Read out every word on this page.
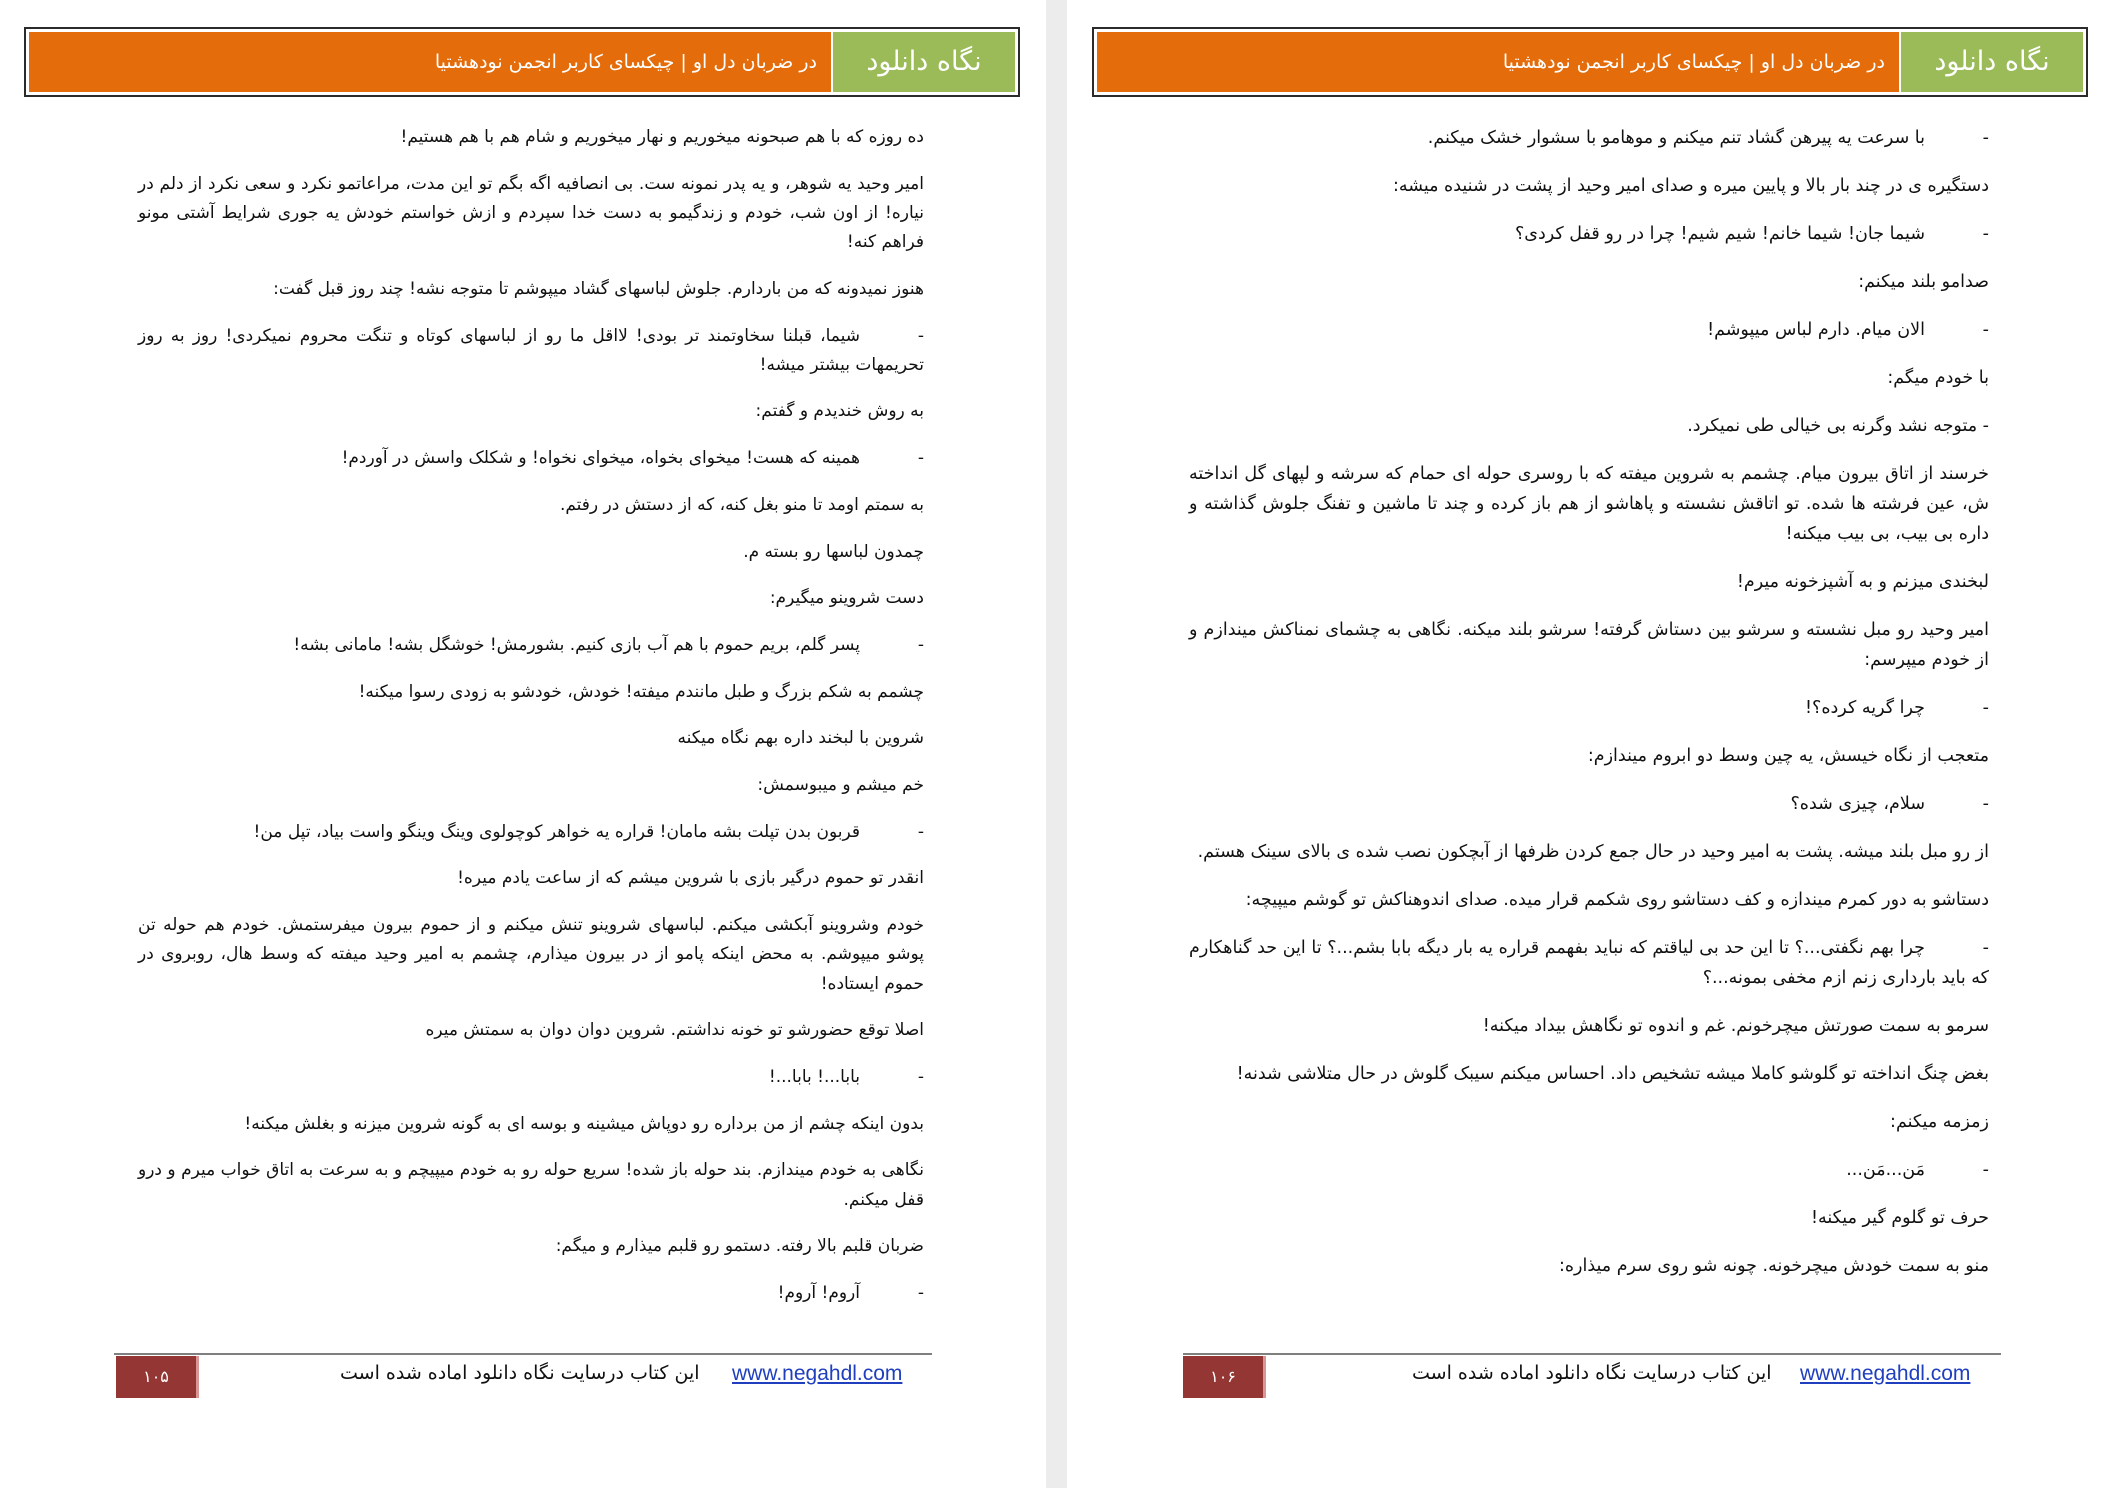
در ضربان دل او | چیکسای کاربر انجمن نودهشتیا	نگاه دانلود

ده روزه که با هم صبحونه میخوریم و نهار میخوریم و شام هم با هم هستیم!

امیر وحید یه شوهر، و یه پدر نمونه ست. بی انصافیه اگه بگم تو این مدت، مراعاتمو نکرد و سعی نکرد از دلم در نیاره! از اون شب، خودم و زندگیمو به دست خدا سپردم و ازش خواستم خودش یه جوری شرایط آشتی مونو فراهم کنه!

هنوز نمیدونه که من باردارم. جلوش لباسهای گشاد میپوشم تا متوجه نشه! چند روز قبل گفت:

-شیما، قبلنا سخاوتمند تر بودی! لااقل ما رو از لباسهای کوتاه و تنگت محروم نمیکردی! روز به روز تحریمهات بیشتر میشه!

به روش خندیدم و گفتم:

-همینه که هست! میخوای بخواه، میخوای نخواه! و شکلک واسش در آوردم!

به سمتم اومد تا منو بغل کنه، که از دستش در رفتم.

چمدون لباسها رو بسته م.

دست شروینو میگیرم:

-پسر گلم، بریم حموم با هم آب بازی کنیم. بشورمش! خوشگل بشه! مامانی بشه!

چشمم به شکم بزرگ و طبل مانندم میفته! خودش، خودشو به زودی رسوا میکنه!

شروین با لبخند داره بهم نگاه میکنه

خم میشم و میبوسمش:

-قربون بدن تپلت بشه مامان! قراره یه خواهر کوچولوی وینگ وینگو واست بیاد، تپل من!

انقدر تو حموم درگیر بازی با شروین میشم که از ساعت یادم میره!

خودم وشروینو آبکشی میکنم. لباسهای شروینو تنش میکنم و از حموم بیرون میفرستمش. خودم هم حوله تن پوشو میپوشم. به محض اینکه پامو از در بیرون میذارم، چشمم به امیر وحید میفته که وسط هال، روبروی در حموم ایستاده!

اصلا توقع حضورشو تو خونه نداشتم. شروین دوان دوان به سمتش میره

-بابا...! بابا...!

بدون اینکه چشم از من برداره رو دوپاش میشینه و بوسه ای به گونه شروین میزنه و بغلش میکنه!

نگاهی به خودم میندازم. بند حوله باز شده! سریع حوله رو به خودم میپیچم و به سرعت به اتاق خواب میرم و درو قفل میکنم.

ضربان قلبم بالا رفته. دستمو رو قلبم میذارم و میگم:

-آروم! آروم!

۱۰۵	این کتاب درسایت نگاه دانلود اماده شده است www.negahdl.com
در ضربان دل او | چیکسای کاربر انجمن نودهشتیا	نگاه دانلود

-با سرعت یه پیرهن گشاد تنم میکنم و موهامو با سشوار خشک میکنم.

دستگیره ی در چند بار بالا و پایین میره و صدای امیر وحید از پشت در شنیده میشه:

-شیما جان! شیما خانم! شیم شیم! چرا در رو قفل کردی؟

صدامو بلند میکنم:

-الان میام. دارم لباس میپوشم!

با خودم میگم:

- متوجه نشد وگرنه بی خیالی طی نمیکرد.

خرسند از اتاق بیرون میام. چشمم به شروین میفته که با روسری حوله ای حمام که سرشه و لپهای گل انداخته ش، عین فرشته ها شده. تو اتاقش نشسته و پاهاشو از هم باز کرده و چند تا ماشین و تفنگ جلوش گذاشته و داره بی بیب، بی بیب میکنه!

لبخندی میزنم و به آشپزخونه میرم!

امیر وحید رو مبل نشسته و سرشو بین دستاش گرفته! سرشو بلند میکنه. نگاهی به چشمای نمناکش میندازم و از خودم میپرسم:

-چرا گریه کرده؟!

متعجب از نگاه خیسش، یه چین وسط دو ابروم میندازم:

-سلام، چیزی شده؟

از رو مبل بلند میشه. پشت به امیر وحید در حال جمع کردن ظرفها از آبچکون نصب شده ی بالای سینک هستم.

دستاشو به دور کمرم میندازه و کف دستاشو روی شکمم قرار میده. صدای اندوهناکش تو گوشم میپیچه:

-چرا بهم نگفتی...؟ تا این حد بی لیاقتم که نباید بفهمم قراره یه بار دیگه بابا بشم...؟ تا این حد گناهکارم که باید بارداری زنم ازم مخفی بمونه...؟

سرمو به سمت صورتش میچرخونم. غم و اندوه تو نگاهش بیداد میکنه!

بغض چنگ انداخته تو گلوشو کاملا میشه تشخیص داد. احساس میکنم سیبک گلوش در حال متلاشی شدنه!

زمزمه میکنم:

-مَن...مَن...

حرف تو گلوم گیر میکنه!

منو به سمت خودش میچرخونه. چونه شو روی سرم میذاره:

۱۰۶	این کتاب درسایت نگاه دانلود اماده شده است www.negahdl.com
